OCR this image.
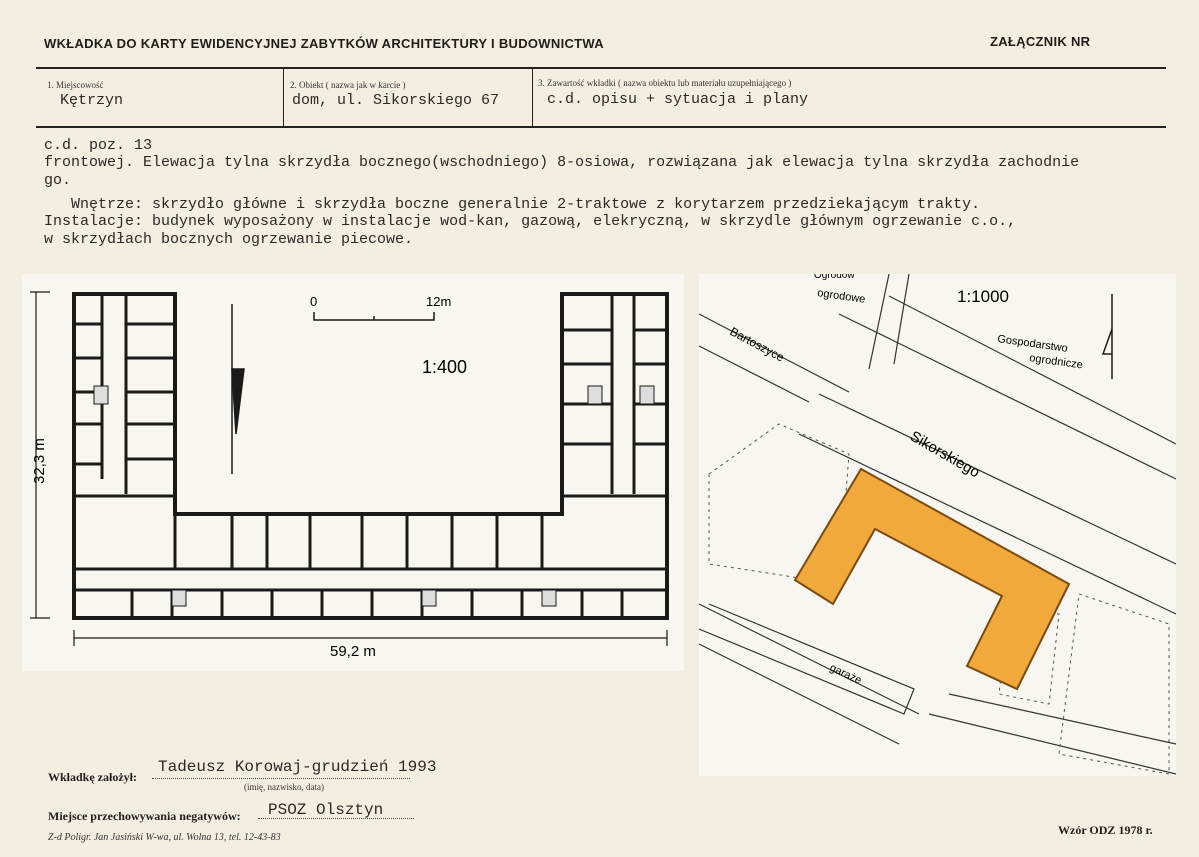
WKŁADKA DO KARTY EWIDENCYJNEJ ZABYTKÓW ARCHITEKTURY I BUDOWNICTWA	ZAŁĄCZNIK NR
1. Miejscowość
Kętrzyn
2. Obiekt ( nazwa jak w karcie )
dom, ul. Sikorskiego 67
3. Zawartość wkładki ( nazwa obiektu lub materiału uzupełniającego )
c.d. opisu + sytuacja i plany
c.d. poz. 13
frontowej. Elewacja tylna skrzydła bocznego(wschodniego) 8-osiowa, rozwiązana jak elewacja tylna skrzydła zachodnie
go.
Wnętrze: skrzydło główne i skrzydła boczne generalnie 2-traktowe z korytarzem przedziekającym trakty.
Instalacje: budynek wyposażony w instalacje wod-kan, gazową, elekryczną, w skrzydle głównym ogrzewanie c.o.,
w skrzydłach bocznych ogrzewanie piecowe.
0	12m
1:400
32,3 m
59,2 m
1:1000
Ogrodow
ogrodowe
Bartoszyce
Sikorskiego
Gospodarstwo
ogrodnicze
garaże
Wkładkę założył:
Tadeusz Korowaj-grudzień 1993
(imię, nazwisko, data)
Miejsce przechowywania negatywów: PSOZ Olsztyn
Z-d Poligr. Jan Jasiński W-wa, ul. Wolna 13, tel. 12-43-83
Wzór ODZ 1978 r.
